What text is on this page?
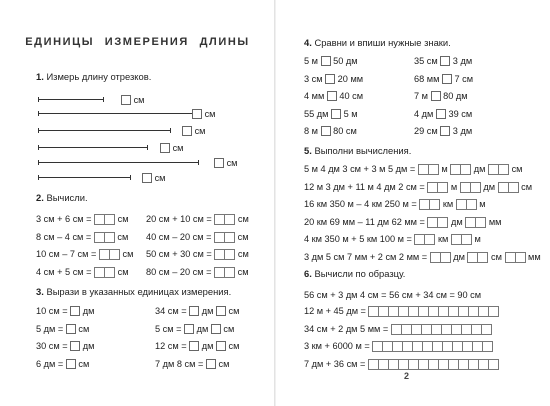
ЕДИНИЦЫ ИЗМЕРЕНИЯ ДЛИНЫ
1. Измерь длину отрезков.
см
см
см
см
см
см
2. Вычисли.
3 см + 6 см =  см 20 см + 10 см =  см
8 см – 4 см =  см 40 см – 20 см =  см
10 см – 7 см =  см 50 см + 30 см =  см
4 см + 5 см =  см 80 см – 20 см =  см
3. Вырази в указанных единицах измерения.
10 см =  дм	34 см =  дм  см
5 дм =  см	5 см =  дм  см
30 см =  дм	12 см =  дм  см
6 дм =  см	7 дм 8 см =  см
4. Сравни и впиши нужные знаки.
5 м  50 дм	35 см  3 дм
3 см  20 мм	68 мм  7 см
4 мм  40 см	7 м  80 дм
55 дм  5 м	4 дм  39 см
8 м  80 см	29 см  3 дм
5. Выполни вычисления.
5 м 4 дм 3 см + 3 м 5 дм =  м  дм  см
12 м 3 дм + 11 м 4 дм 2 см =  м  дм  см
16 км 350 м – 4 км 250 м =  км  м
20 км 69 мм – 11 дм 62 мм =  дм  мм
4 км 350 м + 5 км 100 м =  км  м
3 дм 5 см 7 мм + 2 см 2 мм =  дм  см  мм
6. Вычисли по образцу.
56 см + 3 дм 4 см = 56 см + 34 см = 90 см
12 м + 45 дм =
34 см + 2 дм 5 мм =
3 км + 6000 м =
7 дм + 36 см =
2
